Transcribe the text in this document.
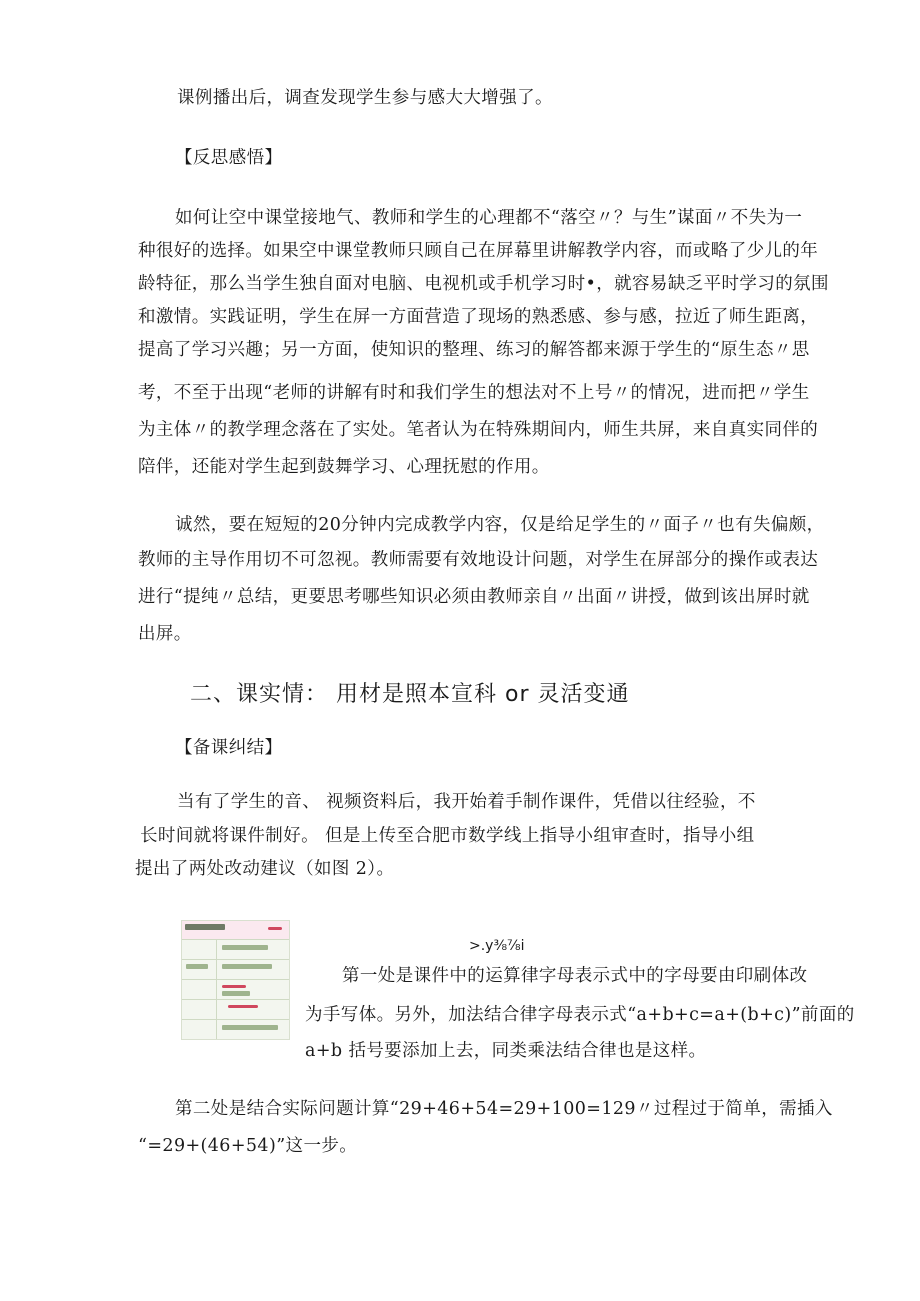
课例播出后，调查发现学生参与感大大增强了。
【反思感悟】
如何让空中课堂接地气、教师和学生的心理都不“落空〃？与生”谋面〃不失为一
种很好的选择。如果空中课堂教师只顾自己在屏幕里讲解教学内容，而或略了少儿的年
龄特征，那么当学生独自面对电脑、电视机或手机学习时•，就容易缺乏平时学习的氛围
和激情。实践证明，学生在屏一方面营造了现场的熟悉感、参与感，拉近了师生距离，
提高了学习兴趣；另一方面，使知识的整理、练习的解答都来源于学生的“原生态〃思
考，不至于出现“老师的讲解有时和我们学生的想法对不上号〃的情况，进而把〃学生
为主体〃的教学理念落在了实处。笔者认为在特殊期间内，师生共屏，来自真实同伴的
陪伴，还能对学生起到鼓舞学习、心理抚慰的作用。
诚然，要在短短的20分钟内完成教学内容，仅是给足学生的〃面子〃也有失偏颇，
教师的主导作用切不可忽视。教师需要有效地设计问题，对学生在屏部分的操作或表达
进行“提纯〃总结，更要思考哪些知识必须由教师亲自〃出面〃讲授，做到该出屏时就
出屏。
二、课实情： 用材是照本宣科 or 灵活变通
【备课纠结】
当有了学生的音、 视频资料后，我开始着手制作课件，凭借以往经验，不
长时间就将课件制好。 但是上传至合肥市数学线上指导小组审查时，指导小组
提出了两处改动建议（如图 2）。
>.y⅜⅞i
第一处是课件中的运算律字母表示式中的字母要由印刷体改
为手写体。另外，加法结合律字母表示式“a+b+c=a+(b+c)”前面的
a+b 括号要添加上去，同类乘法结合律也是这样。
第二处是结合实际问题计算“29+46+54=29+100=129〃过程过于简单，需插入
“=29+(46+54)”这一步。
